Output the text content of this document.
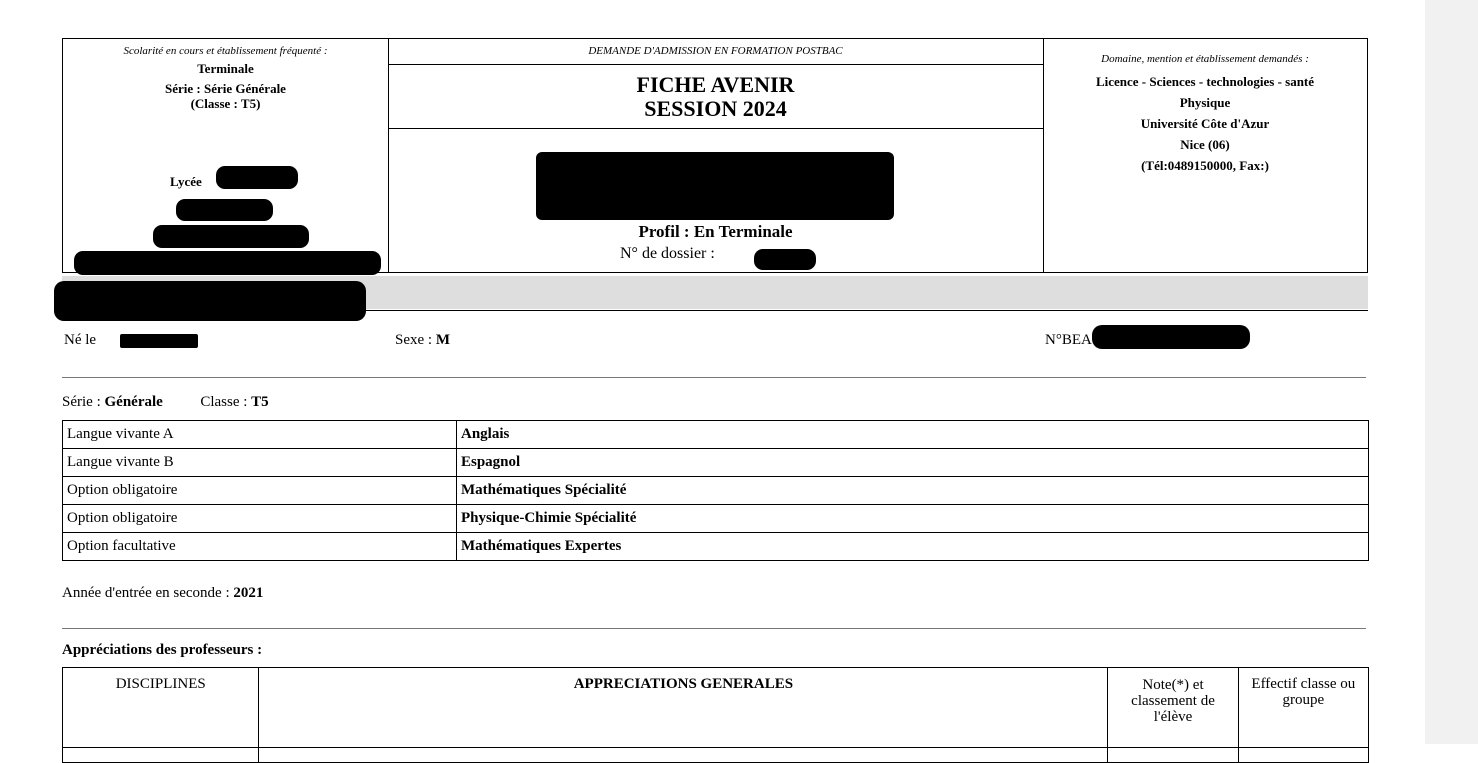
Scolarité en cours et établissement fréquenté :
Terminale
Série : Série Générale
(Classe : T5)
Lycée
DEMANDE D'ADMISSION EN FORMATION POSTBAC
FICHE AVENIR
SESSION 2024
Profil : En Terminale
N° de dossier :
Domaine, mention et établissement demandés :
Licence - Sciences - technologies - santé
Physique
Université Côte d'Azur
Nice (06)
(Tél:0489150000, Fax:)
Né le	Sexe : M	N°BEA
Série : Générale	Classe : T5
Langue vivante A	Anglais
Langue vivante B	Espagnol
Option obligatoire	Mathématiques Spécialité
Option obligatoire	Physique-Chimie Spécialité
Option facultative	Mathématiques Expertes
Année d'entrée en seconde : 2021
Appréciations des professeurs :
DISCIPLINES	APPRECIATIONS GENERALES	Note(*) et classement de l'élève	Effectif classe ou groupe
